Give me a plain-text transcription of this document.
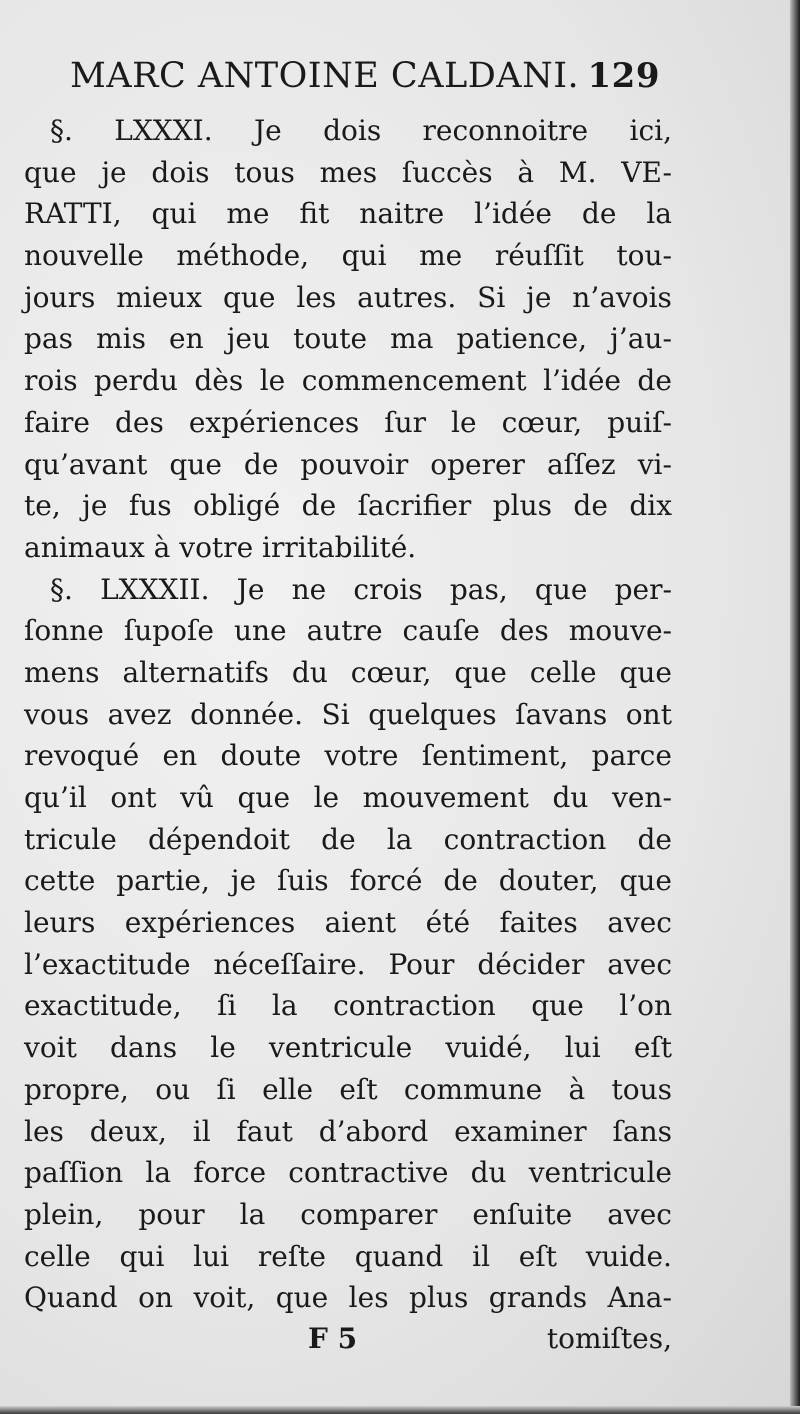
MARC ANTOINE CALDANI. 129
§. LXXXI. Je dois reconnoitre ici,
que je dois tous mes ſuccès à M. VE-
RATTI, qui me fit naitre l’idée de la
nouvelle méthode, qui me réuſſit tou-
jours mieux que les autres. Si je n’avois
pas mis en jeu toute ma patience, j’au-
rois perdu dès le commencement l’idée de
faire des expériences ſur le cœur, puiſ-
qu’avant que de pouvoir operer aſſez vi-
te, je fus obligé de ſacrifier plus de dix
animaux à votre irritabilité.
§. LXXXII. Je ne crois pas, que per-
ſonne ſupoſe une autre cauſe des mouve-
mens alternatifs du cœur, que celle que
vous avez donnée. Si quelques ſavans ont
revoqué en doute votre ſentiment, parce
qu’il ont vû que le mouvement du ven-
tricule dépendoit de la contraction de
cette partie, je ſuis forcé de douter, que
leurs expériences aient été faites avec
l’exactitude néceſſaire. Pour décider avec
exactitude, ſi la contraction que l’on
voit dans le ventricule vuidé, lui eſt
propre, ou ſi elle eſt commune à tous
les deux, il faut d’abord examiner ſans
paſſion la force contractive du ventricule
plein, pour la comparer enſuite avec
celle qui lui reſte quand il eſt vuide.
Quand on voit, que les plus grands Ana-
F 5	tomiſtes,
